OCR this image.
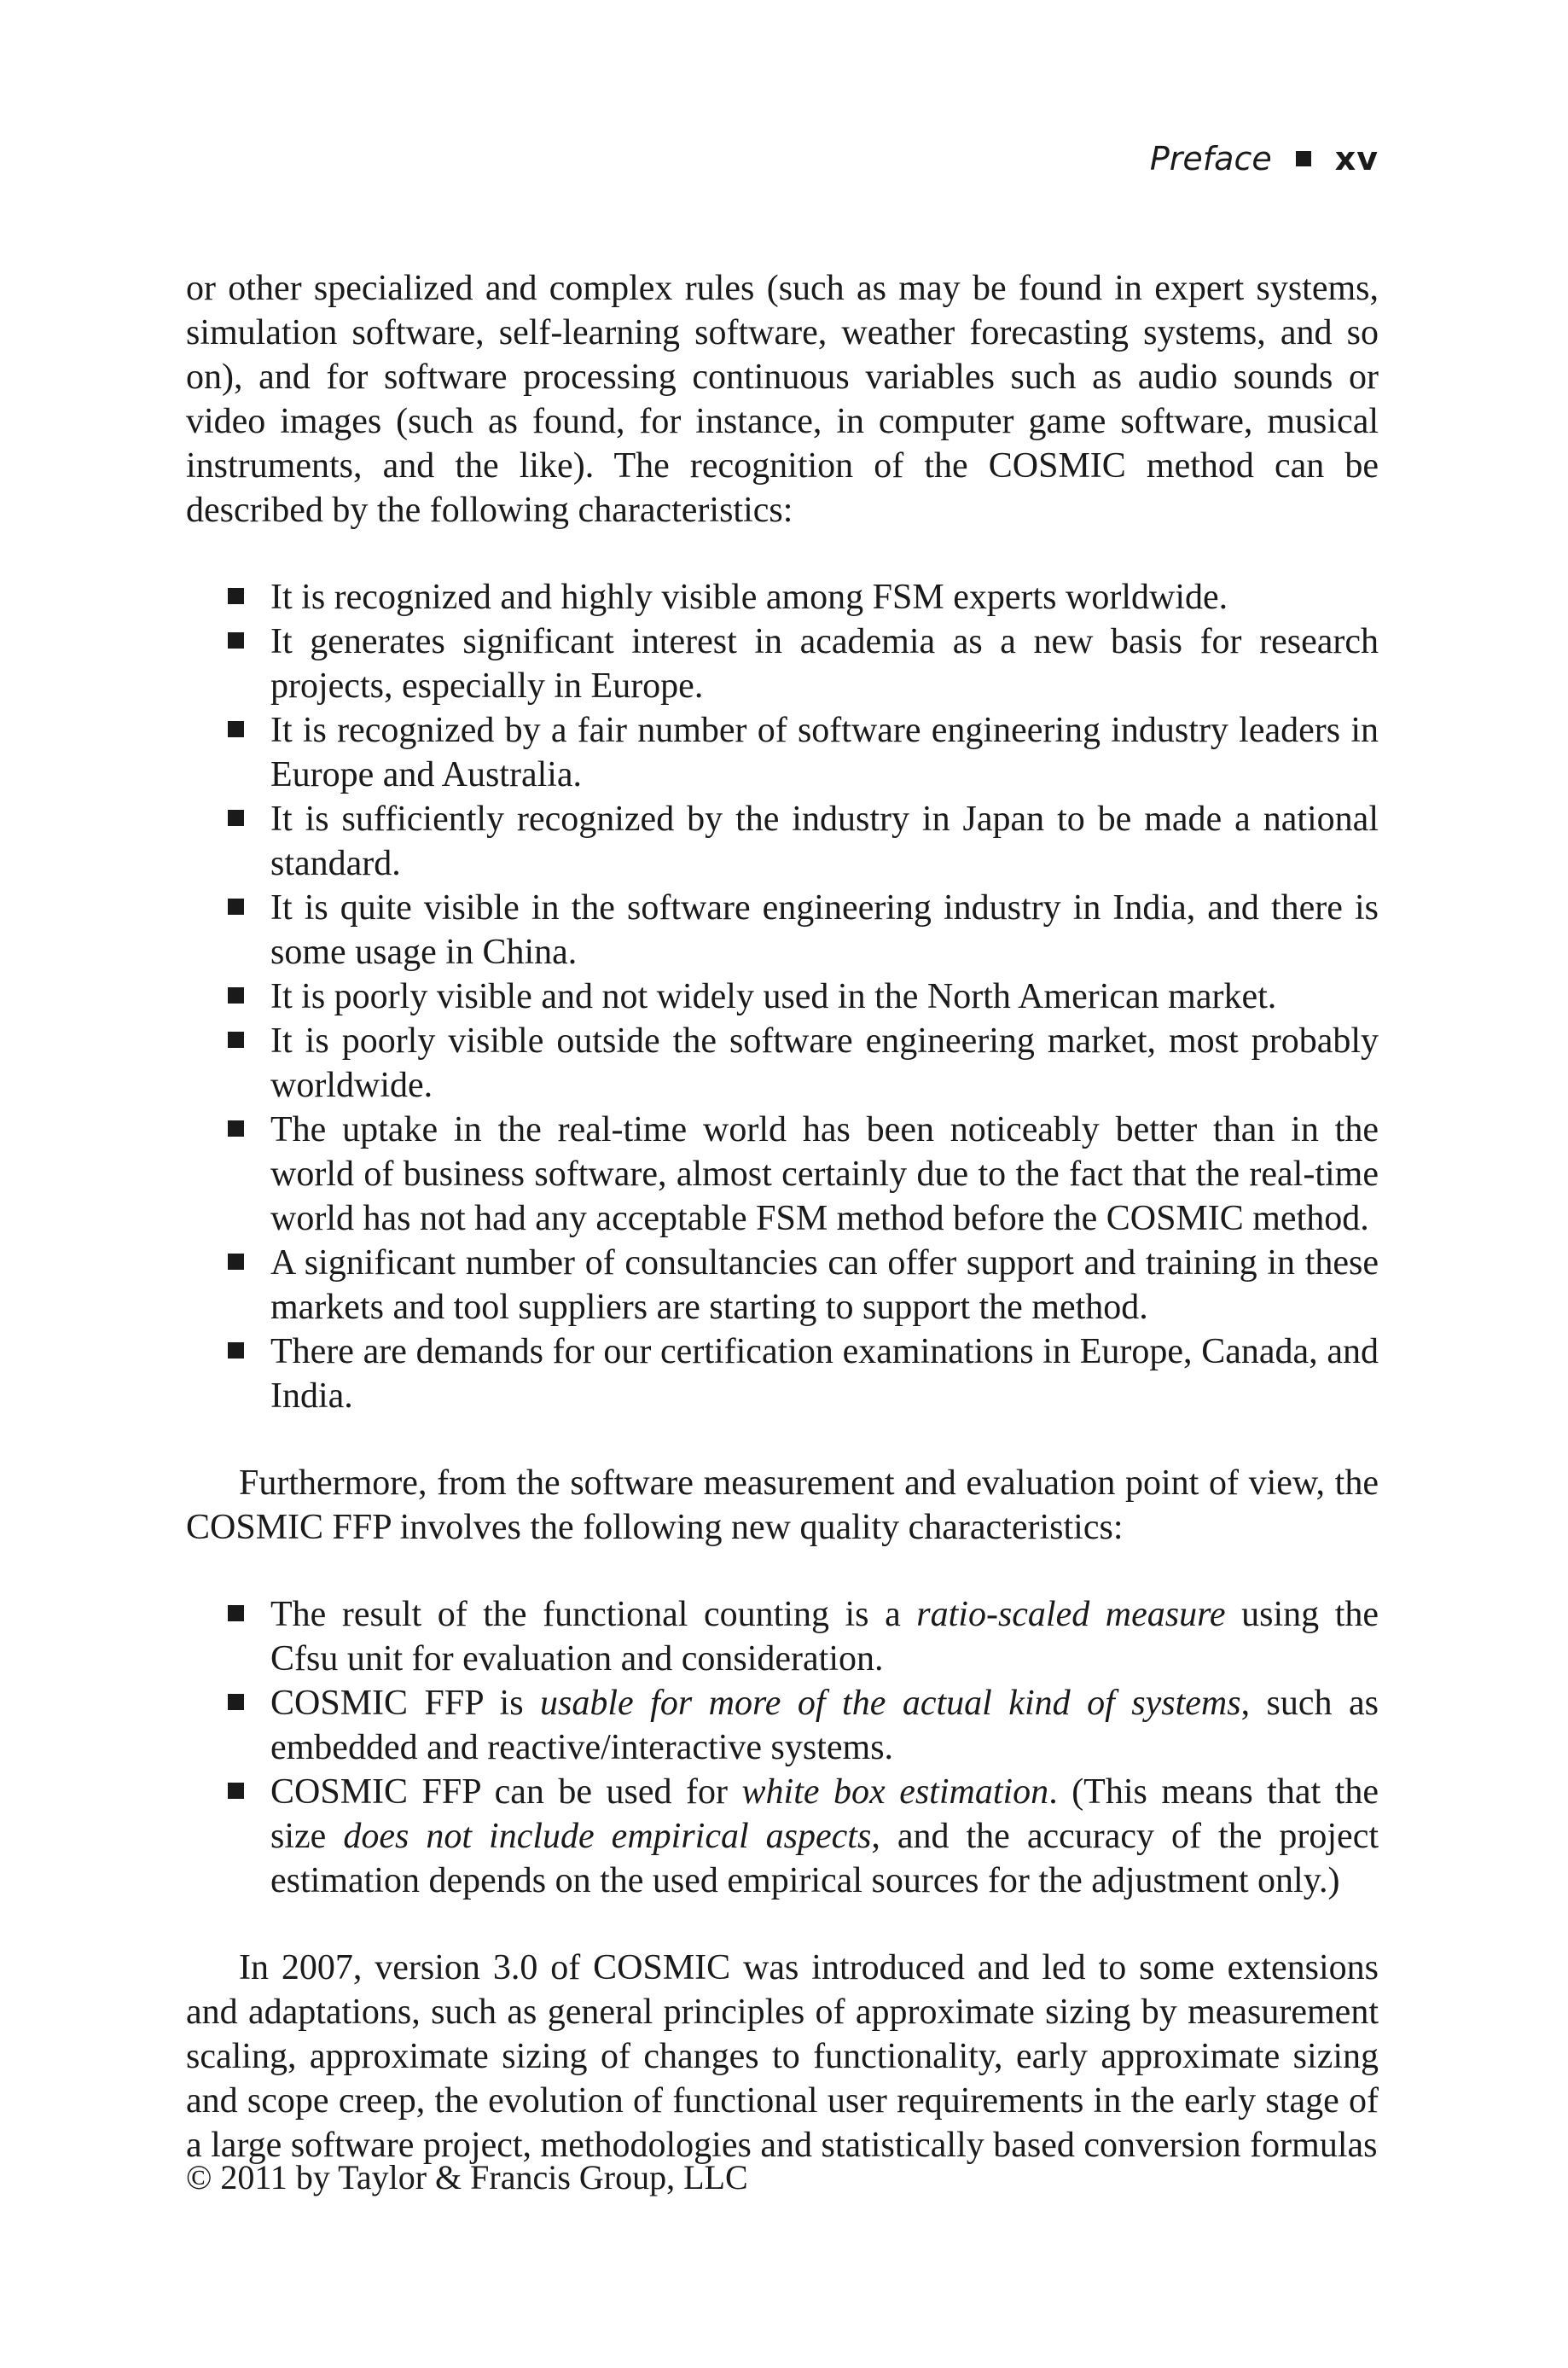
Preface xv

or other specialized and complex rules (such as may be found in expert systems, simulation software, self-learning software, weather forecasting systems, and so on), and for software processing continuous variables such as audio sounds or video images (such as found, for instance, in computer game software, musical instruments, and the like). The recognition of the COSMIC method can be described by the following characteristics:

It is recognized and highly visible among FSM experts worldwide.
It generates significant interest in academia as a new basis for research projects, especially in Europe.
It is recognized by a fair number of software engineering industry leaders in Europe and Australia.
It is sufficiently recognized by the industry in Japan to be made a national standard.
It is quite visible in the software engineering industry in India, and there is some usage in China.
It is poorly visible and not widely used in the North American market.
It is poorly visible outside the software engineering market, most probably worldwide.
The uptake in the real-time world has been noticeably better than in the world of business software, almost certainly due to the fact that the real-time world has not had any acceptable FSM method before the COSMIC method.
A significant number of consultancies can offer support and training in these markets and tool suppliers are starting to support the method.
There are demands for our certification examinations in Europe, Canada, and India.

Furthermore, from the software measurement and evaluation point of view, the COSMIC FFP involves the following new quality characteristics:

The result of the functional counting is a ratio-scaled measure using the Cfsu unit for evaluation and consideration.
COSMIC FFP is usable for more of the actual kind of systems, such as embedded and reactive/interactive systems.
COSMIC FFP can be used for white box estimation. (This means that the size does not include empirical aspects, and the accuracy of the project estimation depends on the used empirical sources for the adjustment only.)

In 2007, version 3.0 of COSMIC was introduced and led to some extensions and adaptations, such as general principles of approximate sizing by measurement scaling, approximate sizing of changes to functionality, early approximate sizing and scope creep, the evolution of functional user requirements in the early stage of a large software project, methodologies and statistically based conversion formulas

© 2011 by Taylor & Francis Group, LLC
